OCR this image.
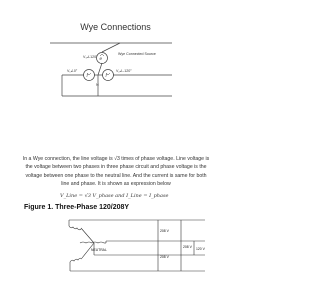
Wye Connections
Wye Connected Source
V₁∠0°	V₂∠-120°
V₃∠120°
N
e
f	f
208 V
208 V
208 V 120 V
NEUTRAL

In a Wye connection, the line voltage is √3 times of phase voltage. Line voltage is the voltage between two phases in three phase circuit and phase voltage is the voltage between one phase to the neutral line. And the current is same for both line and phase. It is shown as expression below

V_Line = √3 V_phase and I_Line = I_phase
Figure 1. Three-Phase 120/208Y
